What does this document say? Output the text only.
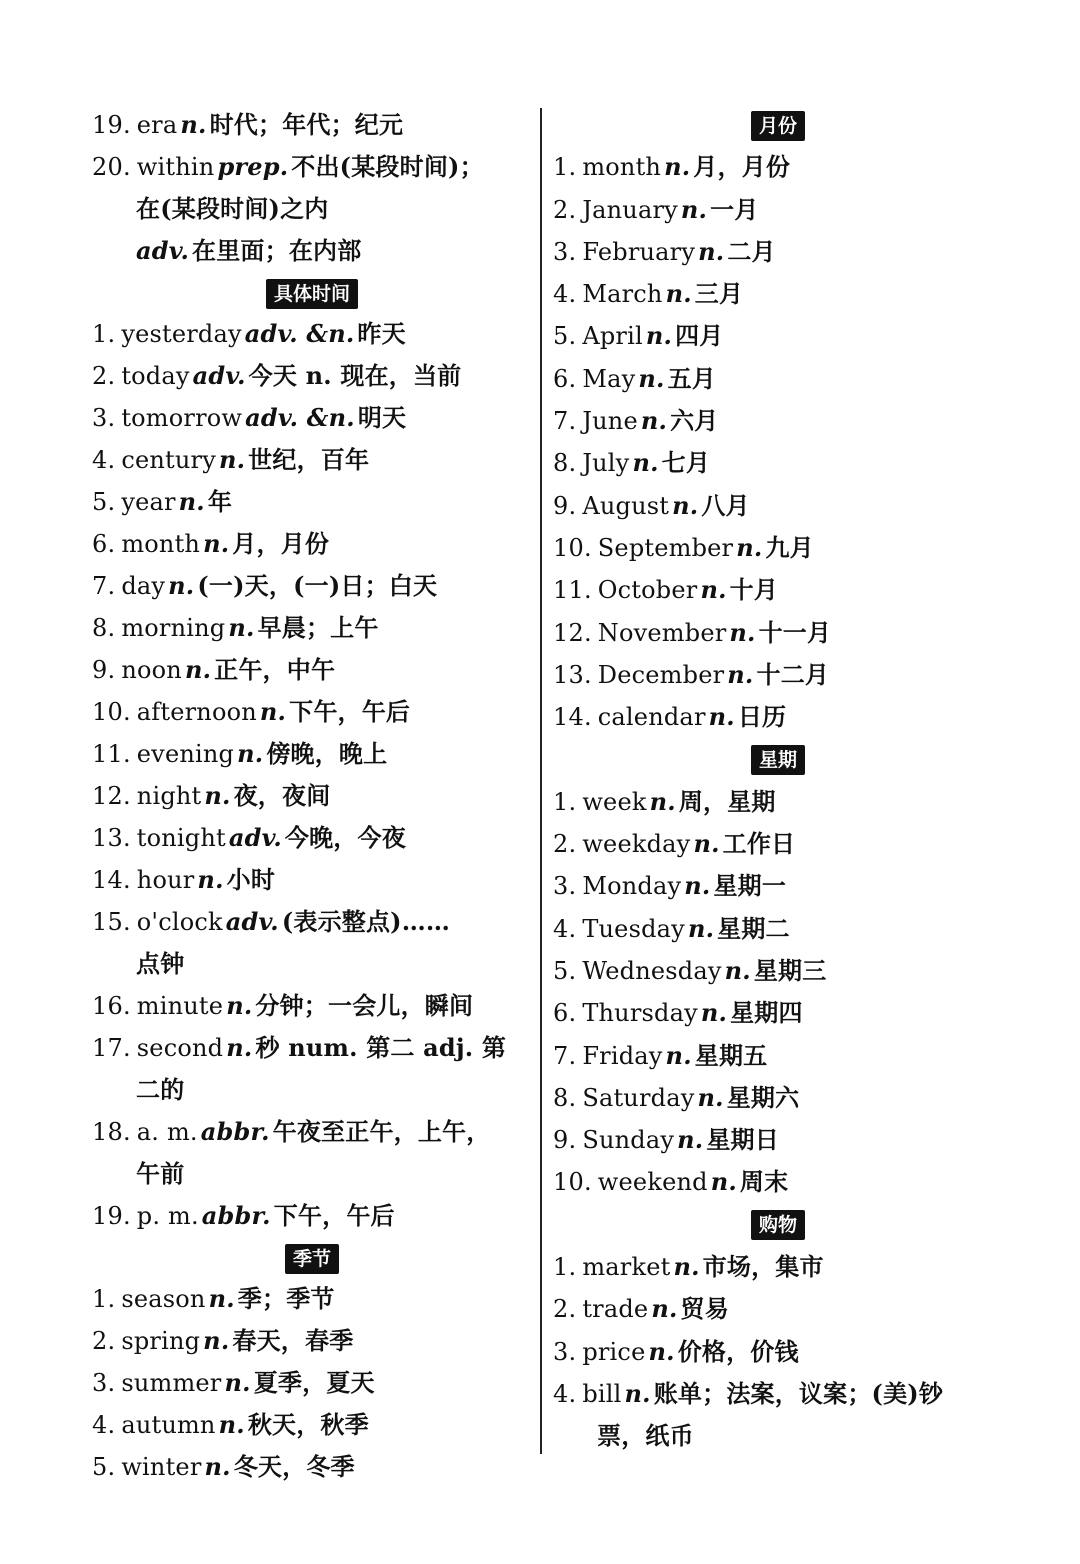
19. era n. 时代；年代；纪元
20. within prep. 不出(某段时间)；
在(某段时间)之内
adv. 在里面；在内部
具体时间
1. yesterday adv. &n. 昨天
2. today adv. 今天 n. 现在，当前
3. tomorrow adv. &n. 明天
4. century n. 世纪，百年
5. year n. 年
6. month n. 月，月份
7. day n. (一)天，(一)日；白天
8. morning n. 早晨；上午
9. noon n. 正午，中午
10. afternoon n. 下午，午后
11. evening n. 傍晚，晚上
12. night n. 夜，夜间
13. tonight adv. 今晚，今夜
14. hour n. 小时
15. o'clock adv. (表示整点)……
点钟
16. minute n. 分钟；一会儿，瞬间
17. second n. 秒 num. 第二 adj. 第
二的
18. a. m. abbr. 午夜至正午，上午，
午前
19. p. m. abbr. 下午，午后
季节
1. season n. 季；季节
2. spring n. 春天，春季
3. summer n. 夏季，夏天
4. autumn n. 秋天，秋季
5. winter n. 冬天，冬季
月份
1. month n. 月，月份
2. January n. 一月
3. February n. 二月
4. March n. 三月
5. April n. 四月
6. May n. 五月
7. June n. 六月
8. July n. 七月
9. August n. 八月
10. September n. 九月
11. October n. 十月
12. November n. 十一月
13. December n. 十二月
14. calendar n. 日历
星期
1. week n. 周，星期
2. weekday n. 工作日
3. Monday n. 星期一
4. Tuesday n. 星期二
5. Wednesday n. 星期三
6. Thursday n. 星期四
7. Friday n. 星期五
8. Saturday n. 星期六
9. Sunday n. 星期日
10. weekend n. 周末
购物
1. market n. 市场，集市
2. trade n. 贸易
3. price n. 价格，价钱
4. bill n. 账单；法案，议案；(美)钞
票，纸币
